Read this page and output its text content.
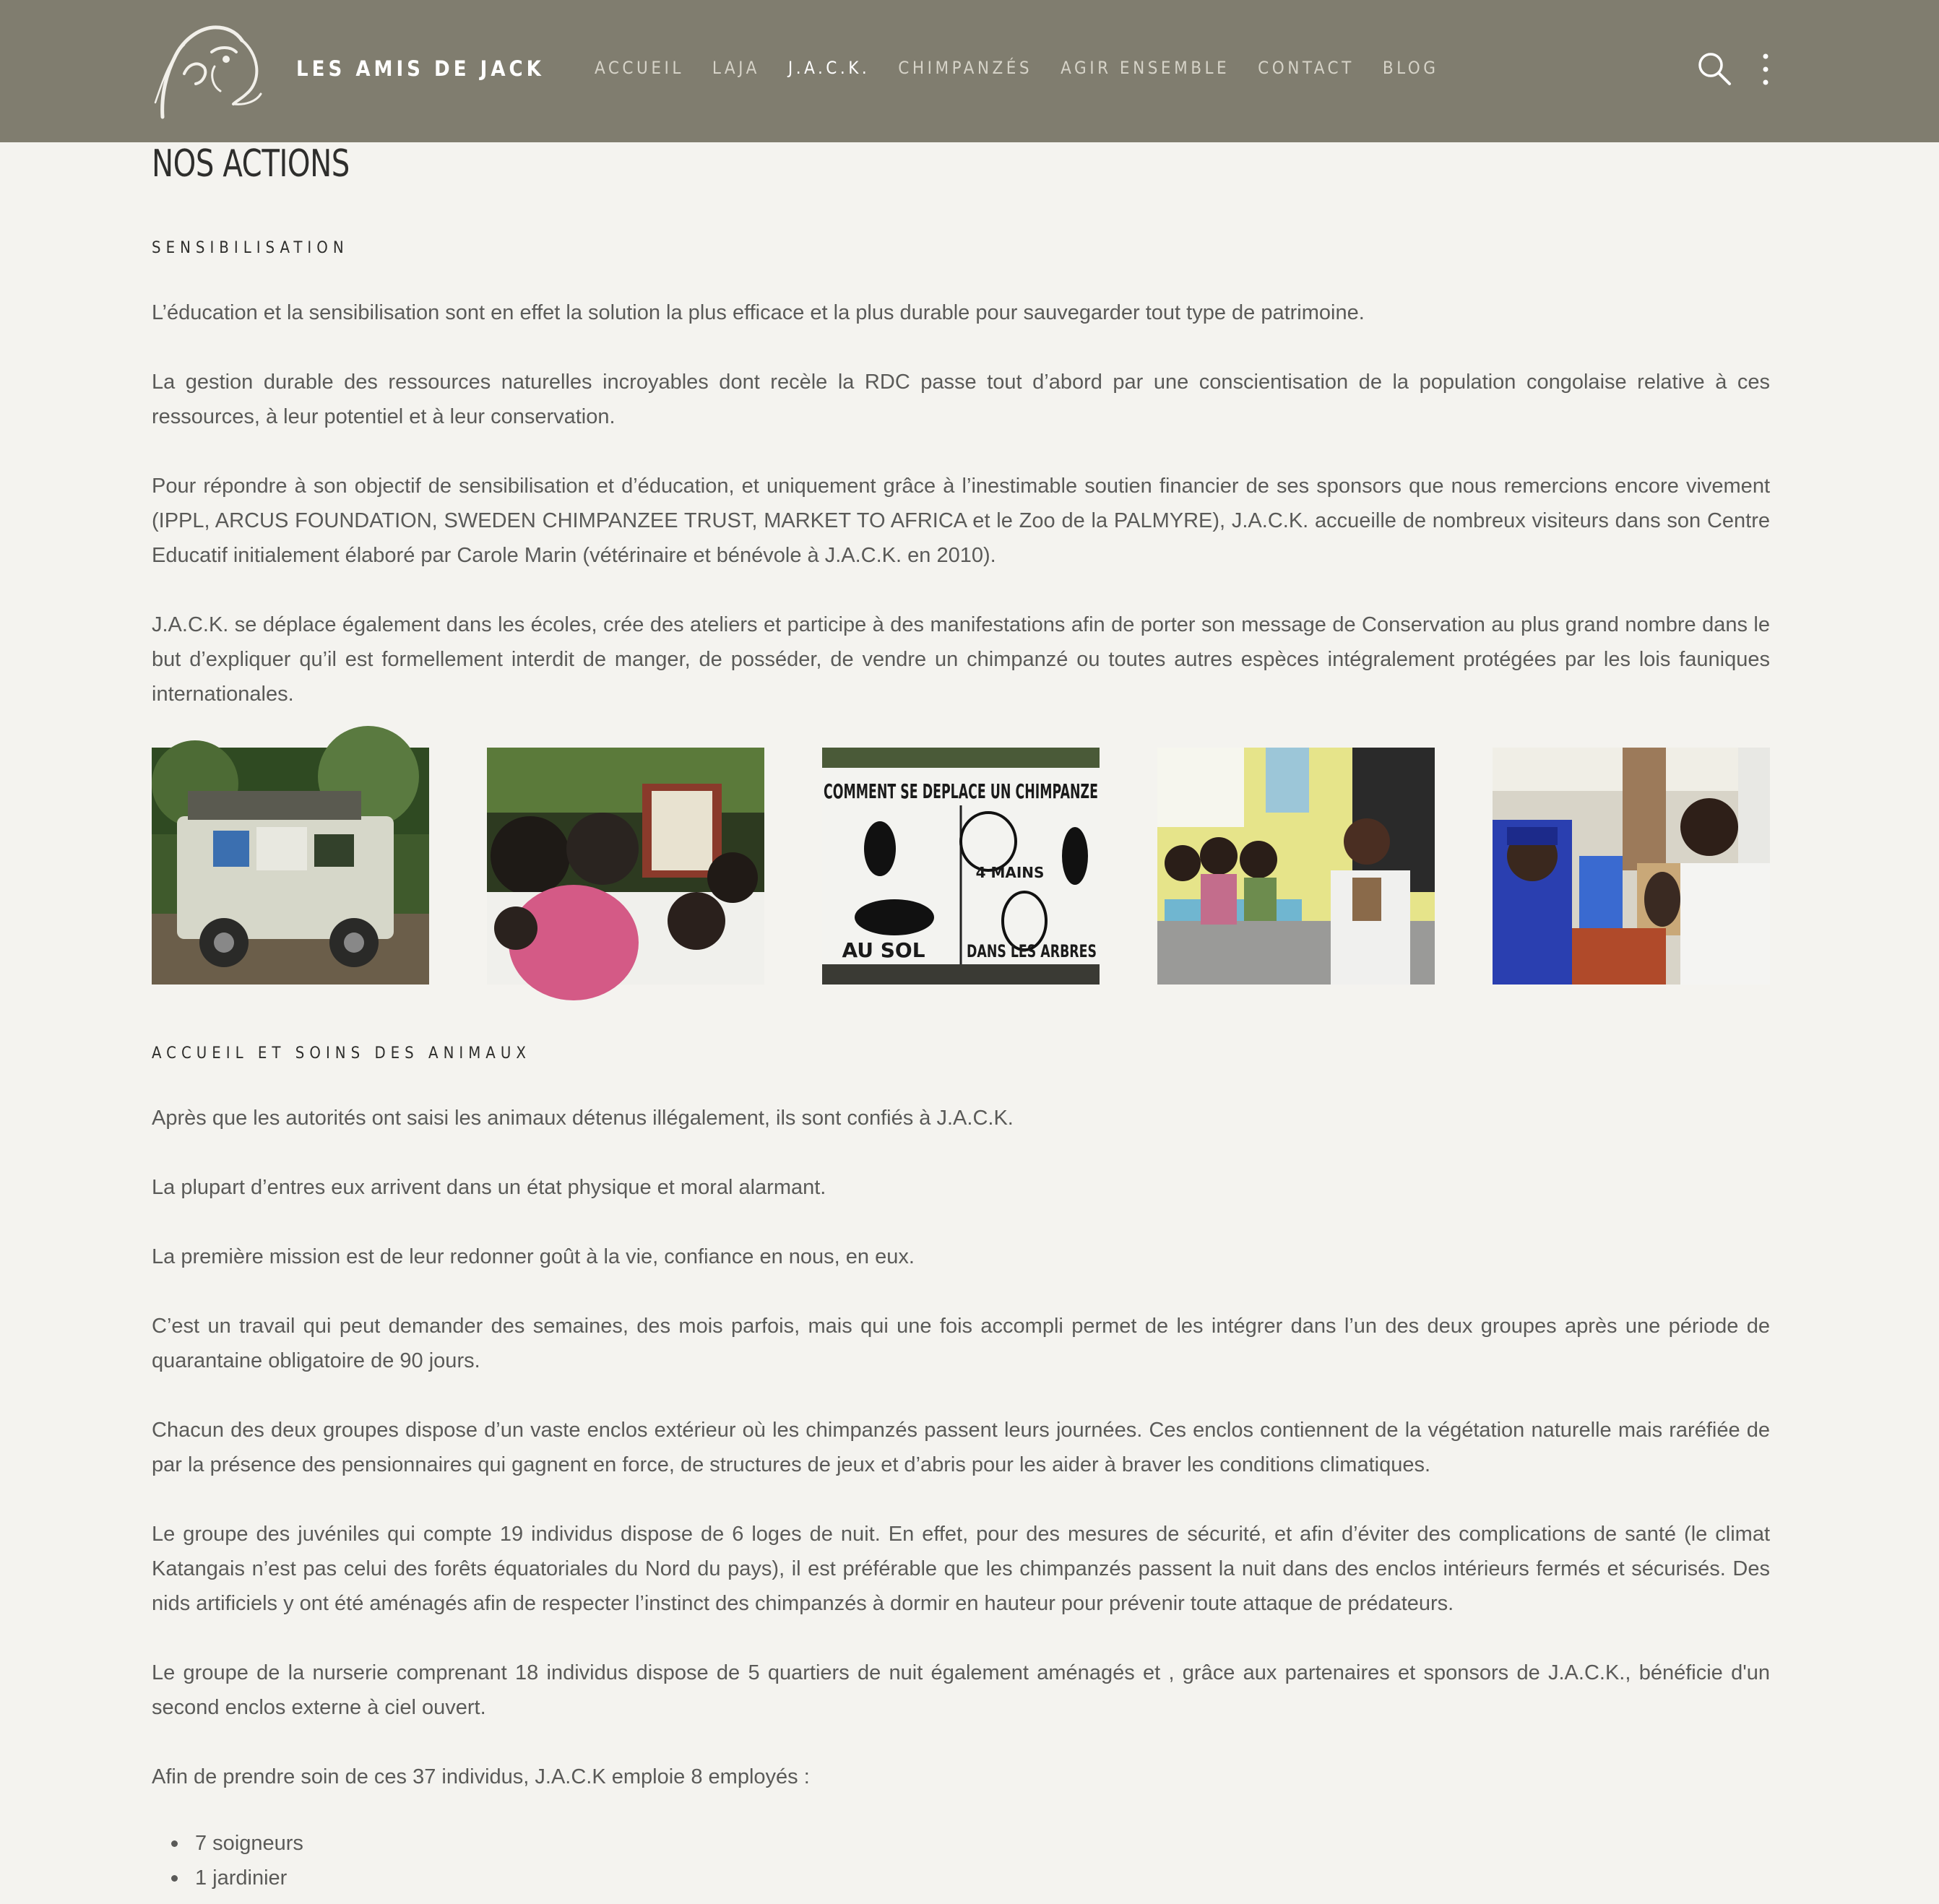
LES AMIS DE JACK	ACCUEIL LAJA J.A.C.K. CHIMPANZÉS AGIR ENSEMBLE CONTACT BLOG
NOS ACTIONS
SENSIBILISATION

L’éducation et la sensibilisation sont en effet la solution la plus efficace et la plus durable pour sauvegarder tout type de patrimoine.

La gestion durable des ressources naturelles incroyables dont recèle la RDC passe tout d’abord par une conscientisation de la population congolaise relative à ces ressources, à leur potentiel et à leur conservation.

Pour répondre à son objectif de sensibilisation et d’éducation, et uniquement grâce à l’inestimable soutien financier de ses sponsors que nous remercions encore vivement (IPPL, ARCUS FOUNDATION, SWEDEN CHIMPANZEE TRUST, MARKET TO AFRICA et le Zoo de la PALMYRE), J.A.C.K. accueille de nombreux visiteurs dans son Centre Educatif initialement élaboré par Carole Marin (vétérinaire et bénévole à J.A.C.K. en 2010).

J.A.C.K. se déplace également dans les écoles, crée des ateliers et participe à des manifestations afin de porter son message de Conservation au plus grand nombre dans le but d’expliquer qu’il est formellement interdit de manger, de posséder, de vendre un chimpanzé ou toutes autres espèces intégralement protégées par les lois fauniques internationales.

COMMENT SE DEPLACE UN CHIMPANZE
4 MAINS
AU SOL DANS LES ARBRES
ACCUEIL ET SOINS DES ANIMAUX

Après que les autorités ont saisi les animaux détenus illégalement, ils sont confiés à J.A.C.K.

La plupart d’entres eux arrivent dans un état physique et moral alarmant.

La première mission est de leur redonner goût à la vie, confiance en nous, en eux.

C’est un travail qui peut demander des semaines, des mois parfois, mais qui une fois accompli permet de les intégrer dans l’un des deux groupes après une période de quarantaine obligatoire de 90 jours.

Chacun des deux groupes dispose d’un vaste enclos extérieur où les chimpanzés passent leurs journées. Ces enclos contiennent de la végétation naturelle mais raréfiée de par la présence des pensionnaires qui gagnent en force, de structures de jeux et d’abris pour les aider à braver les conditions climatiques.

Le groupe des juvéniles qui compte 19 individus dispose de 6 loges de nuit. En effet, pour des mesures de sécurité, et afin d’éviter des complications de santé (le climat Katangais n’est pas celui des forêts équatoriales du Nord du pays), il est préférable que les chimpanzés passent la nuit dans des enclos intérieurs fermés et sécurisés. Des nids artificiels y ont été aménagés afin de respecter l’instinct des chimpanzés à dormir en hauteur pour prévenir toute attaque de prédateurs.

Le groupe de la nurserie comprenant 18 individus dispose de 5 quartiers de nuit également aménagés et , grâce aux partenaires et sponsors de J.A.C.K., bénéficie d'un second enclos externe à ciel ouvert.

Afin de prendre soin de ces 37 individus, J.A.C.K emploie 8 employés :

7 soigneurs
1 jardinier
